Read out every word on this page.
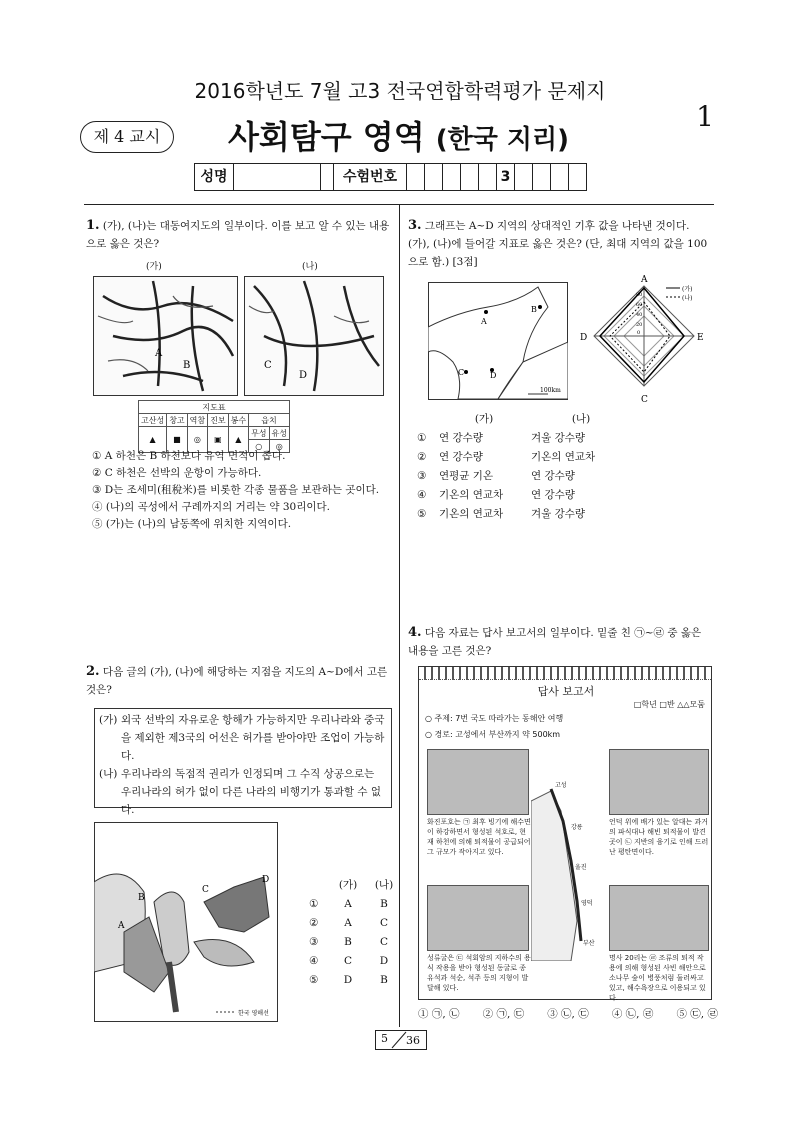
2016학년도 7월 고3 전국연합학력평가 문제지
1
제 4 교시	사회탐구 영역 (한국 지리)
성명	수험번호	3
1. (가), (나)는 대동여지도의 일부이다. 이를 보고 알 수 있는 내용으로 옳은 것은?
(가)	(나)
A
B	C
D
지도표						
고산성	창고	역참	진보	봉수	읍치	
▲	■	◎	▣	▲	무성	유성
					○	◎
① A 하천은 B 하천보다 유역 면적이 좁다.
② C 하천은 선박의 운항이 가능하다.
③ D는 조세미(租稅米)를 비롯한 각종 물품을 보관하는 곳이다.
④ (나)의 곡성에서 구례까지의 거리는 약 30리이다.
⑤ (가)는 (나)의 남동쪽에 위치한 지역이다.
2. 다음 글의 (가), (나)에 해당하는 지점을 지도의 A~D에서 고른 것은?
(가) 외국 선박의 자유로운 항해가 가능하지만 우리나라와 중국을 제외한 제3국의 어선은 허가를 받아야만 조업이 가능하다.
(나) 우리나라의 독점적 권리가 인정되며 그 수직 상공으로는 우리나라의 허가 없이 다른 나라의 비행기가 통과할 수 없다.
A
B
C
D
한국 영해선
	(가)	(나)
①	A	B
②	A	C
③	B	C
④	C	D
⑤	D	B
3. 그래프는 A~D 지역의 상대적인 기후 값을 나타낸 것이다. (가), (나)에 들어갈 지표로 옳은 것은? (단, 최대 지역의 값을 100으로 함.) [3점]
A
B
C	D
100km
A
E
C
D
80
60
40
20
0
(가)
(나)
	(가)	(나)
①	연 강수량	겨울 강수량
②	연 강수량	기온의 연교차
③	연평균 기온	연 강수량
④	기온의 연교차	연 강수량
⑤	기온의 연교차	겨울 강수량
4. 다음 자료는 답사 보고서의 일부이다. 밑줄 친 ㉠~㉣ 중 옳은 내용을 고른 것은?
답사 보고서
□학년 □반 △△모둠
○ 주제: 7번 국도 따라가는 동해안 여행
○ 경로: 고성에서 부산까지 약 500km
화진포호는 ㉠ 최후 빙기에 해수면이 하강하면서 형성된 석호로, 현재 하천에 의해 퇴적물이 공급되어 그 규모가 작아지고 있다.
언덕 위에 배가 있는 알대는 과거의 파식대나 해빈 퇴적물이 발견 곳이 ㉡ 지반의 융기로 인해 드러난 평탄면이다.
성류굴은 ㉢ 석회암의 지하수의 용식 작용을 받아 형성된 동굴로 종유석과 석순, 석주 등의 지형이 발달해 있다.
명사 20리는 ㉣ 조류의 퇴적 작용에 의해 형성된 사빈 해안으로 소나무 숲이 병풍처럼 둘러싸고 있고, 해수욕장으로 이용되고 있다.
고성
강릉
울진
영덕
부산
① ㉠, ㉡ ② ㉠, ㉢ ③ ㉡, ㉢ ④ ㉡, ㉣ ⑤ ㉢, ㉣
5 36
